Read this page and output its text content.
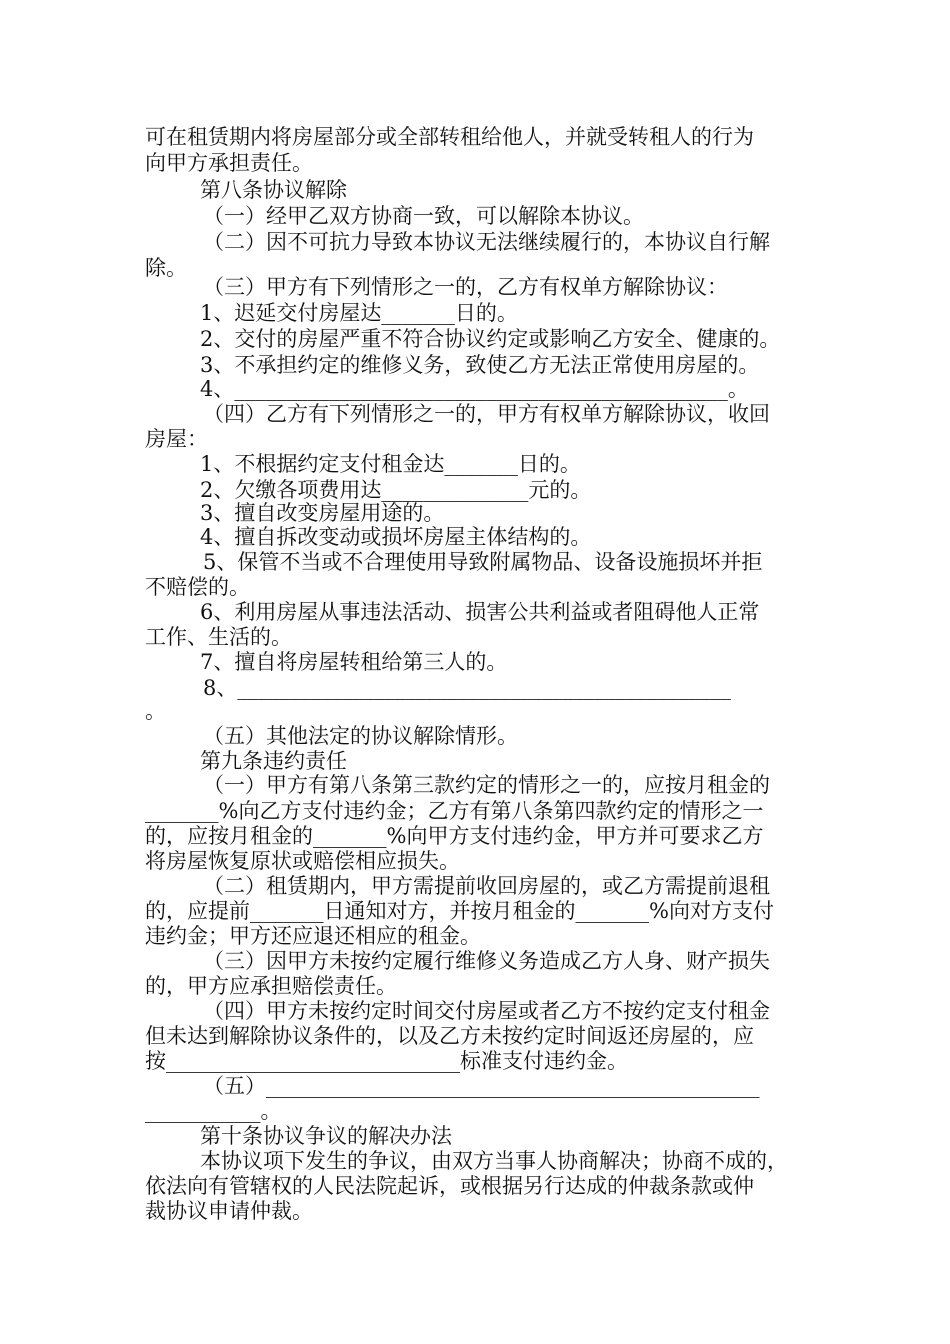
可在租赁期内将房屋部分或全部转租给他人，并就受转租人的行为
向甲方承担责任。
第八条协议解除
（一）经甲乙双方协商一致，可以解除本协议。
（二）因不可抗力导致本协议无法继续履行的，本协议自行解
除。
（三）甲方有下列情形之一的，乙方有权单方解除协议：
1、迟延交付房屋达_______日的。
2、交付的房屋严重不符合协议约定或影响乙方安全、健康的。
3、不承担约定的维修义务，致使乙方无法正常使用房屋的。
4、_______________________________________________。
（四）乙方有下列情形之一的，甲方有权单方解除协议，收回
房屋：
1、不根据约定支付租金达_______日的。
2、欠缴各项费用达______________元的。
3、擅自改变房屋用途的。
4、擅自拆改变动或损坏房屋主体结构的。
5、保管不当或不合理使用导致附属物品、设备设施损坏并拒
不赔偿的。
6、利用房屋从事违法活动、损害公共利益或者阻碍他人正常
工作、生活的。
7、擅自将房屋转租给第三人的。
8、_______________________________________________
。
（五）其他法定的协议解除情形。
第九条违约责任
（一）甲方有第八条第三款约定的情形之一的，应按月租金的
_______%向乙方支付违约金；乙方有第八条第四款约定的情形之一
的，应按月租金的_______%向甲方支付违约金，甲方并可要求乙方
将房屋恢复原状或赔偿相应损失。
（二）租赁期内，甲方需提前收回房屋的，或乙方需提前退租
的，应提前_______日通知对方，并按月租金的_______%向对方支付
违约金；甲方还应退还相应的租金。
（三）因甲方未按约定履行维修义务造成乙方人身、财产损失
的，甲方应承担赔偿责任。
（四）甲方未按约定时间交付房屋或者乙方不按约定支付租金
但未达到解除协议条件的，以及乙方未按约定时间返还房屋的，应
按____________________________标准支付违约金。
（五）_______________________________________________
___________。
第十条协议争议的解决办法
本协议项下发生的争议，由双方当事人协商解决；协商不成的，
依法向有管辖权的人民法院起诉，或根据另行达成的仲裁条款或仲
裁协议申请仲裁。
